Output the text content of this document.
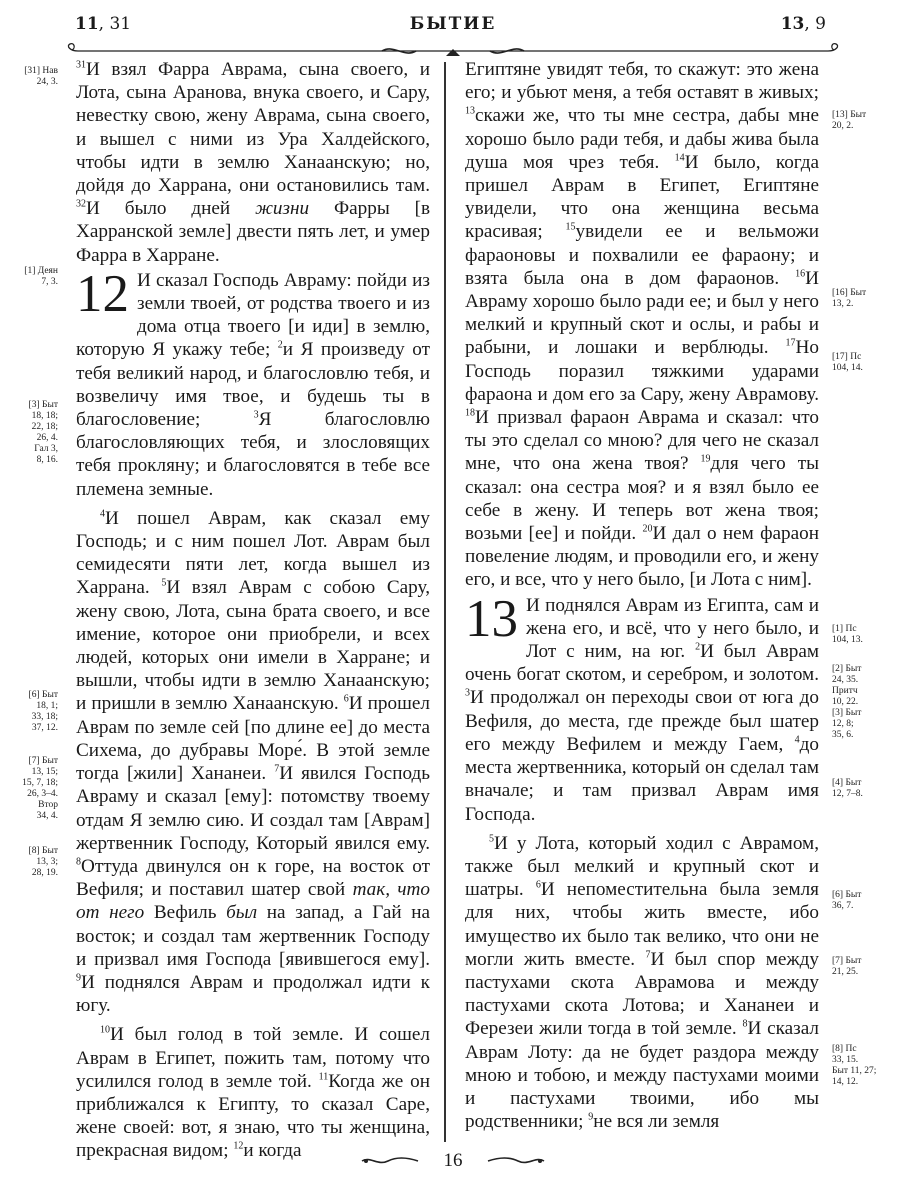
11, 31	БЫТИЕ	13, 9

$^{31}$И взял Фарра Аврама, сына своего, и Лота, сына Аранова, внука своего, и Сару, невестку свою, жену Аврама, сына своего, и вышел с ними из Ура Халдейского, чтобы идти в землю Ханаанскую; но, дойдя до Харрана, они остановились там. $^{32}$И было дней жизни Фарры [в Харранской земле] двести пять лет, и умер Фарра в Харране.

12 И сказал Господь Авраму: пойди из земли твоей, от родства твоего и из дома отца твоего [и иди] в землю, которую Я укажу тебе; $^2$и Я произведу от тебя великий народ, и благословлю тебя, и возвеличу имя твое, и будешь ты в благословение;	$^3$Я благословлю благословляющих тебя, и злословящих тебя прокляну; и благословятся в тебе все племена земные.

$^4$И пошел Аврам, как сказал ему Господь; и с ним пошел Лот. Аврам был семидесяти пяти лет, когда вышел из Харрана. $^5$И взял Аврам с собою Сару, жену свою, Лота, сына брата своего, и все имение, которое они приобрели, и всех людей, которых они имели в Харране; и вышли, чтобы идти в землю Ханаанскую; и пришли в землю Ханаанскую. $^6$И прошел Аврам по земле сей [по длине ее] до места Сихема, до дубравы Море́. В этой земле тогда [жили] Хананеи. $^7$И явился Господь Авраму и сказал [ему]: потомству твоему отдам Я землю сию. И создал там [Аврам] жертвенник Господу, Который явился ему. $^8$Оттуда двинулся он к горе, на восток от Вефиля; и поставил шатер свой так, что от него Вефиль был на запад, а Гай на восток; и создал там жертвенник Господу и призвал имя Господа [явившегося ему]. $^9$И поднялся Аврам и продолжал идти к югу.

$^{10}$И был голод в той земле. И сошел Аврам в Египет, пожить там, потому что усилился голод в земле той. $^{11}$Когда же он приближался к Египту, то сказал Саре, жене своей: вот, я знаю, что ты женщина, прекрасная видом; $^{12}$и когда

Египтяне увидят тебя, то скажут: это жена его; и убьют меня, а тебя оставят в живых; $^{13}$скажи же, что ты мне сестра, дабы мне хорошо было ради тебя, и дабы жива была душа моя чрез тебя. $^{14}$И было, когда пришел Аврам в Египет, Египтяне увидели, что она женщина весьма красивая; $^{15}$увидели ее и вельможи фараоновы и похвалили ее фараону; и взята была она в дом фараонов. $^{16}$И Авраму хорошо было ради ее; и был у него мелкий и крупный скот и ослы, и рабы и рабыни, и лошаки и верблюды. $^{17}$Но Господь поразил тяжкими ударами фараона и дом его за Сару, жену Аврамову. $^{18}$И призвал фараон Аврама и сказал: что ты это сделал со мною? для чего не сказал мне, что она жена твоя? $^{19}$для чего ты сказал: она сестра моя? и я взял было ее себе в жену. И теперь вот жена твоя; возьми [ее] и пойди. $^{20}$И дал о нем фараон повеление людям, и проводили его, и жену его, и все, что у него было, [и Лота с ним].

13 И поднялся Аврам из Египта, сам и жена его, и всё, что у него было, и Лот с ним, на юг. $^2$И был Аврам очень богат скотом, и серебром, и золотом. $^3$И продолжал он переходы свои от юга до Вефиля, до места, где прежде был шатер его между Вефилем и между Гаем, $^4$до места жертвенника, который он сделал там вначале; и там призвал Аврам имя Господа.

$^5$И у Лота, который ходил с Аврамом, также был мелкий и крупный скот и шатры. $^6$И непоместительна была земля для них, чтобы жить вместе, ибо имущество их было так велико, что они не могли жить вместе. $^7$И был спор между пастухами скота Аврамова и между пастухами скота Лотова; и Хананеи и Ферезеи жили тогда в той земле. $^8$И сказал Аврам Лоту: да не будет раздора между мною и тобою, и между пастухами моими и пастухами твоими, ибо мы родственники; $^9$не вся ли земля

[31] Нав
24, 3.
[1] Деян
7, 3.
[3] Быт
18, 18;
22, 18;
26, 4.
Гал 3,
8, 16.
[6] Быт
18, 1;
33, 18;
37, 12.
[7] Быт
13, 15;
15, 7, 18;
26, 3–4.
Втор
34, 4.
[8] Быт
13, 3;
28, 19.
[13] Быт
20, 2.
[16] Быт
13, 2.
[17] Пс
104, 14.
[1] Пс
104, 13.
[2] Быт
24, 35.
Притч
10, 22.
[3] Быт
12, 8;
35, 6.
[4] Быт
12, 7–8.
[6] Быт
36, 7.
[7] Быт
21, 25.
[8] Пс
33, 15.
Быт 11, 27;
14, 12.
16
